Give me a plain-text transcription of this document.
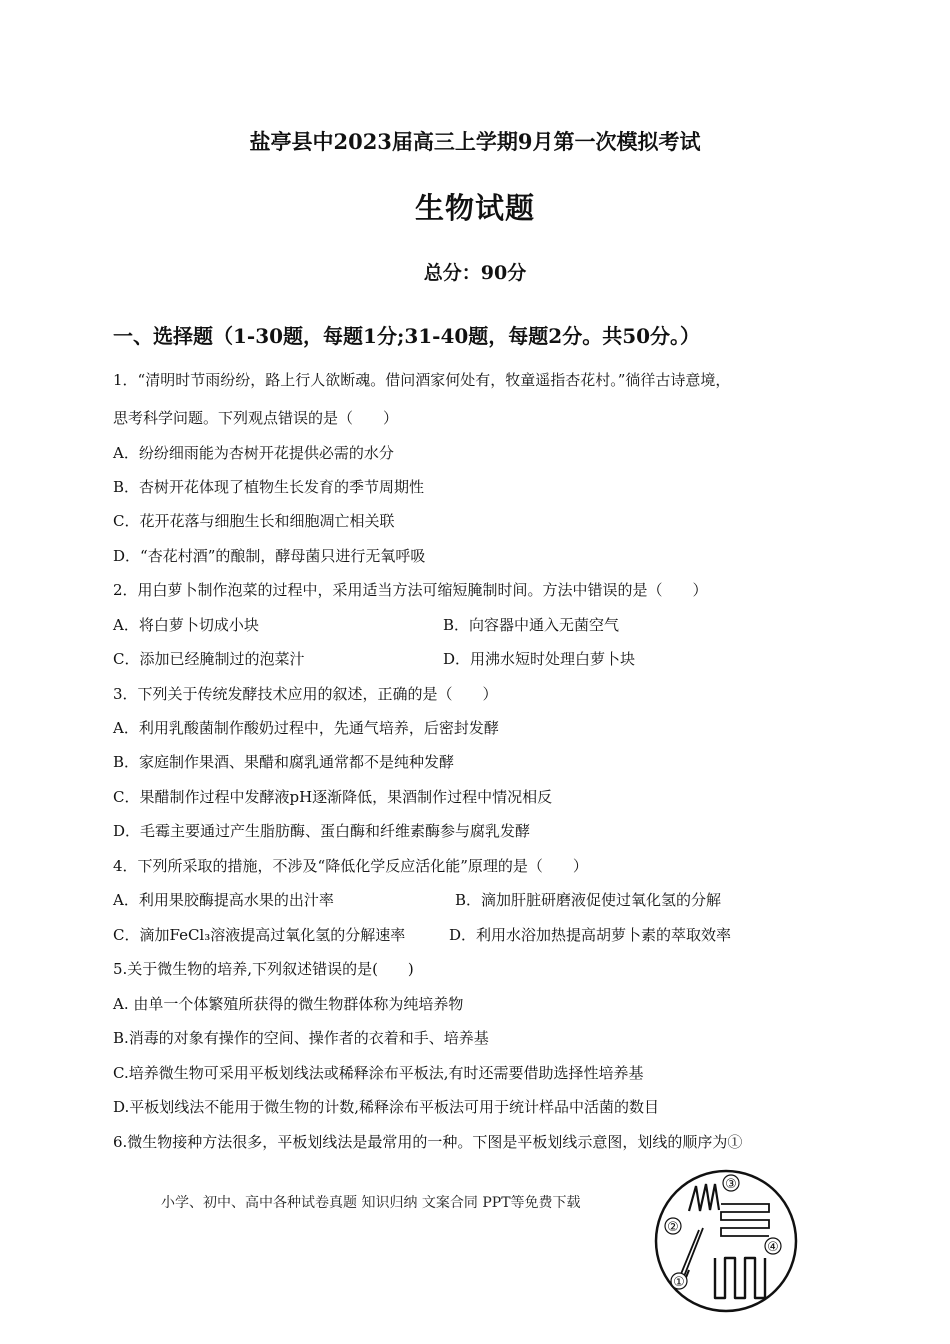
盐亭县中2023届高三上学期9月第一次模拟考试
生物试题
总分：90分
一、选择题（1-30题，每题1分;31-40题，每题2分。共50分。）
1．“清明时节雨纷纷，路上行人欲断魂。借问酒家何处有，牧童遥指杏花村。”徜徉古诗意境，
思考科学问题。下列观点错误的是（　　）
A．纷纷细雨能为杏树开花提供必需的水分
B．杏树开花体现了植物生长发育的季节周期性
C．花开花落与细胞生长和细胞凋亡相关联
D．“杏花村酒”的酿制，酵母菌只进行无氧呼吸
2．用白萝卜制作泡菜的过程中，采用适当方法可缩短腌制时间。方法中错误的是（　　）
A．将白萝卜切成小块	B．向容器中通入无菌空气
C．添加已经腌制过的泡菜汁	D．用沸水短时处理白萝卜块
3．下列关于传统发酵技术应用的叙述，正确的是（　　）
A．利用乳酸菌制作酸奶过程中，先通气培养，后密封发酵
B．家庭制作果酒、果醋和腐乳通常都不是纯种发酵
C．果醋制作过程中发酵液pH逐渐降低，果酒制作过程中情况相反
D．毛霉主要通过产生脂肪酶、蛋白酶和纤维素酶参与腐乳发酵
4．下列所采取的措施，不涉及“降低化学反应活化能”原理的是（　　）
A．利用果胶酶提高水果的出汁率	B．滴加肝脏研磨液促使过氧化氢的分解
C．滴加FeCl₃溶液提高过氧化氢的分解速率	D．利用水浴加热提高胡萝卜素的萃取效率
5.关于微生物的培养,下列叙述错误的是(　　)
A. 由单一个体繁殖所获得的微生物群体称为纯培养物
B.消毒的对象有操作的空间、操作者的衣着和手、培养基
C.培养微生物可采用平板划线法或稀释涂布平板法,有时还需要借助选择性培养基
D.平板划线法不能用于微生物的计数,稀释涂布平板法可用于统计样品中活菌的数目
6.微生物接种方法很多，平板划线法是最常用的一种。下图是平板划线示意图，划线的顺序为①
小学、初中、高中各种试卷真题 知识归纳 文案合同 PPT等免费下载
①
②
③
④
